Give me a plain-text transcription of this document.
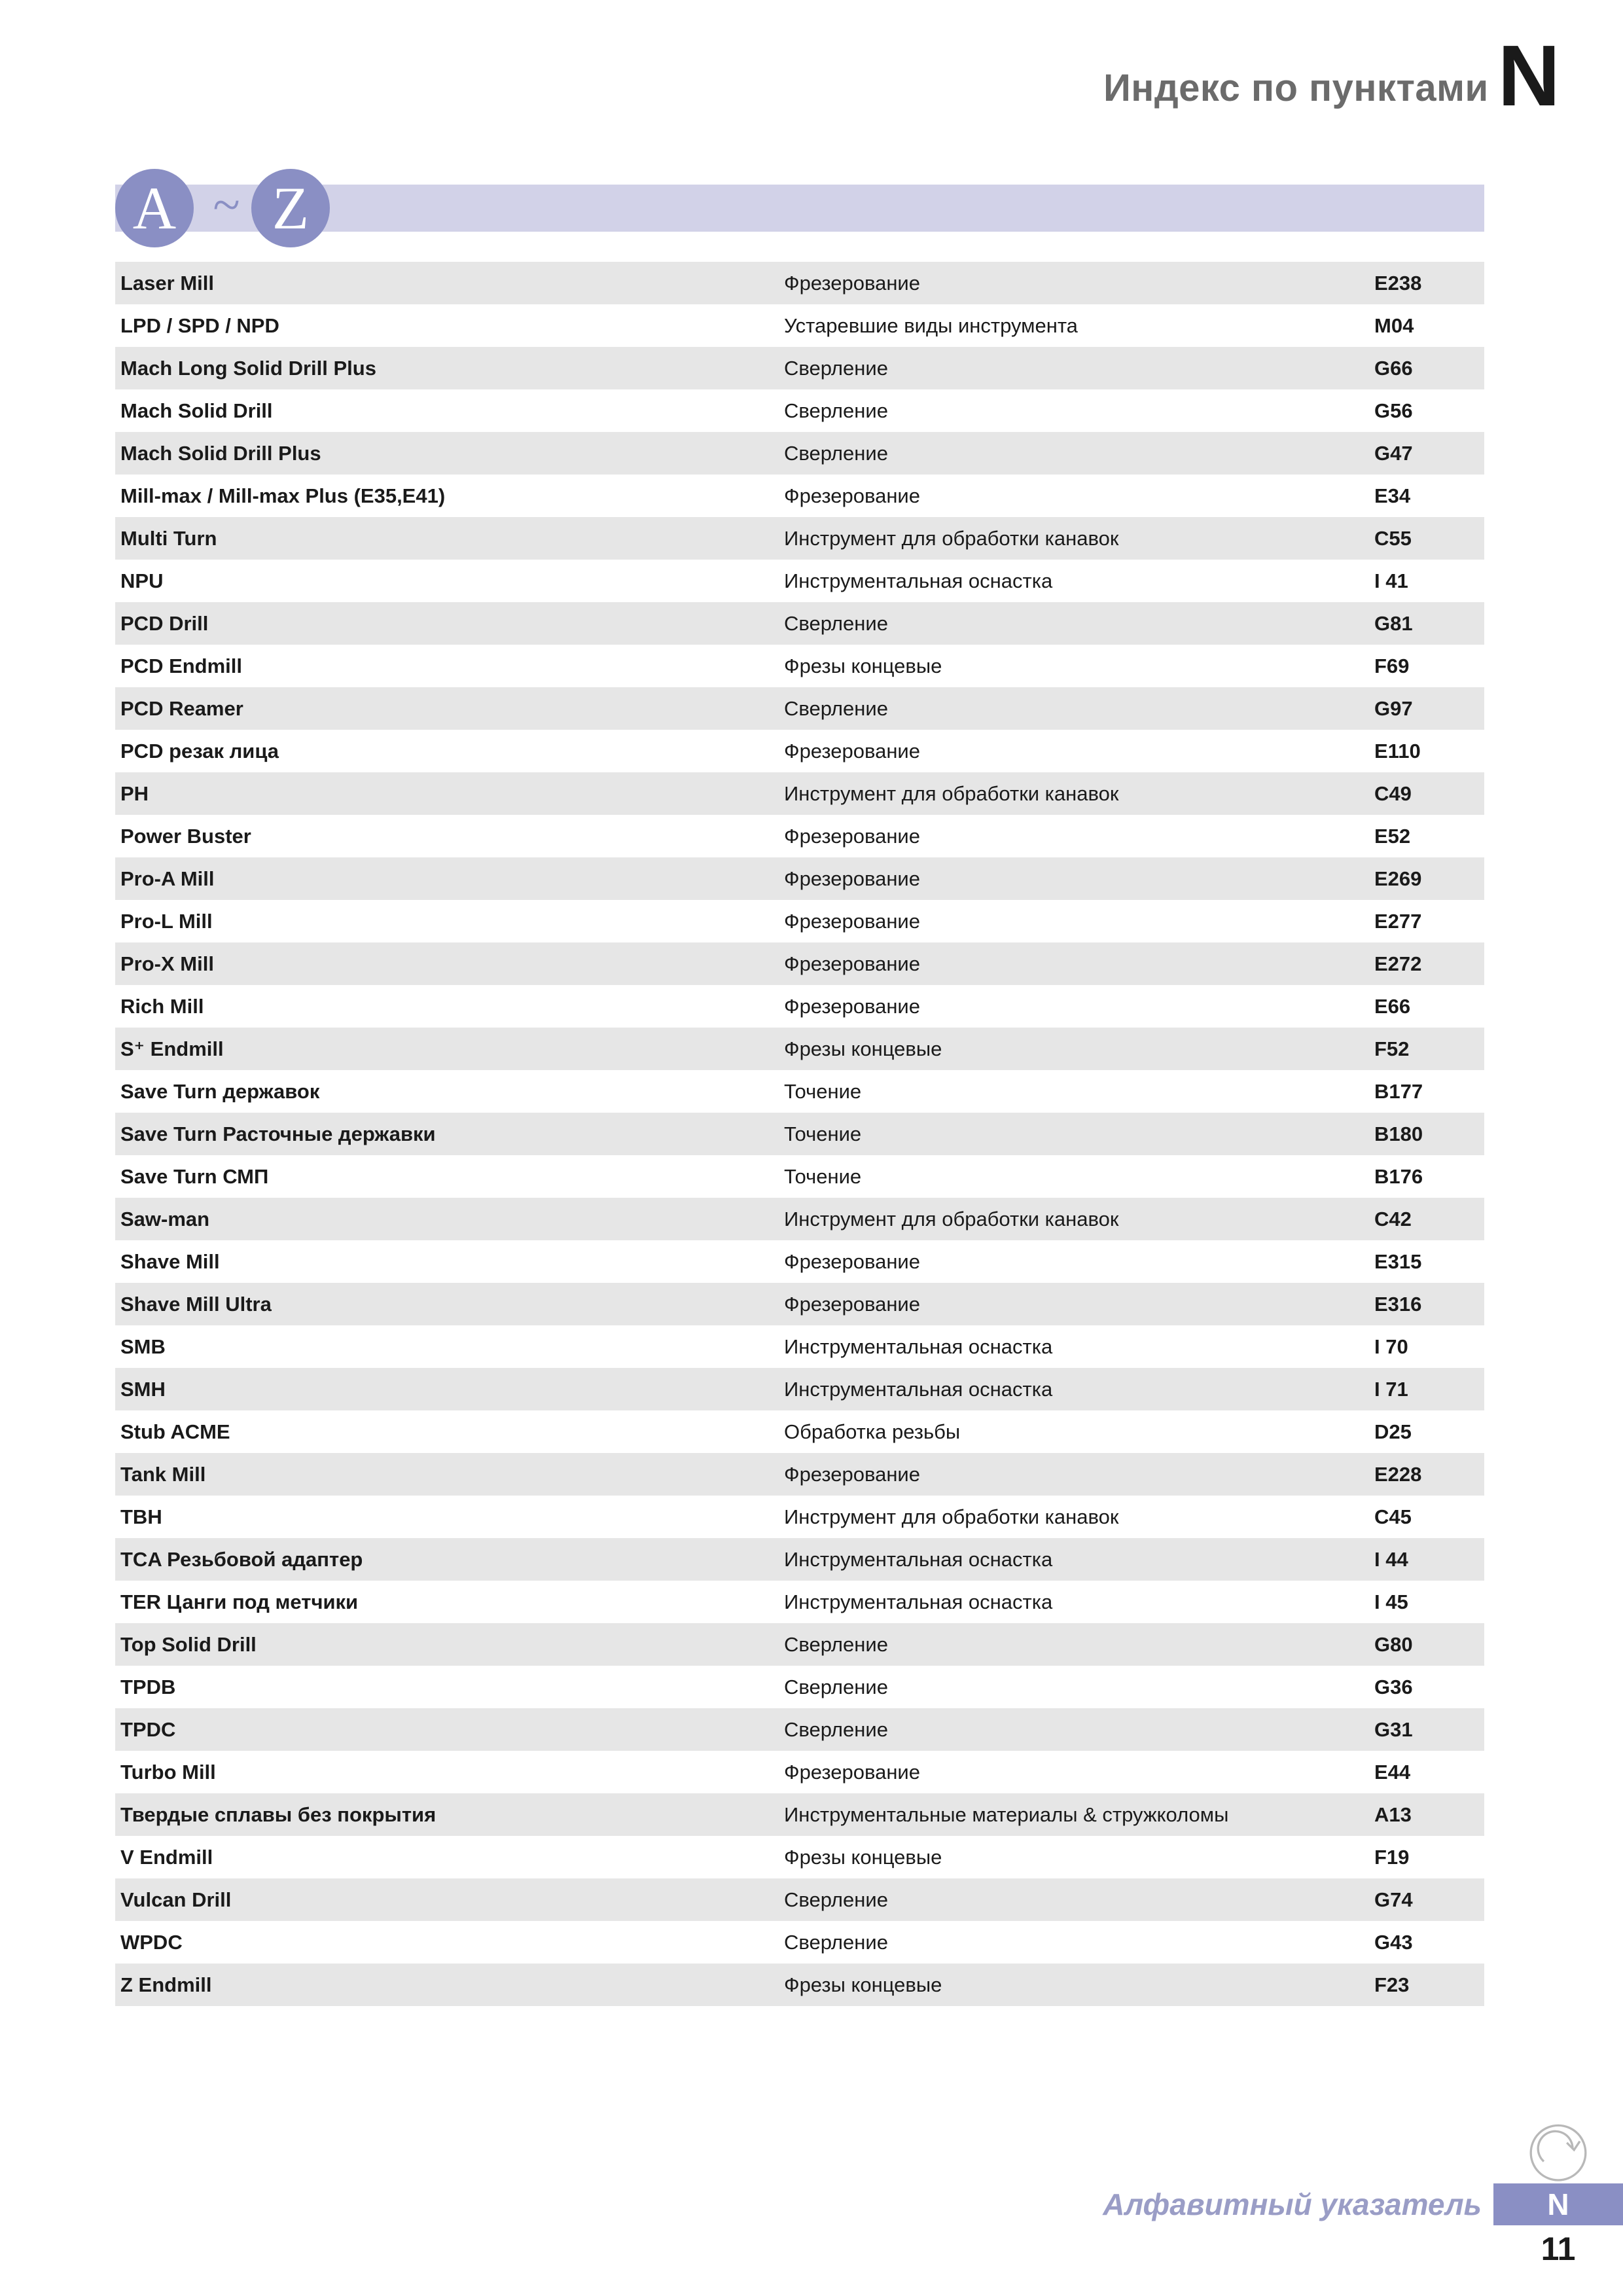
Индекс по пунктами N
A ~ Z
Laser Mill	Фрезерование	E238
LPD / SPD / NPD	Устаревшие виды инструмента	M04
Mach Long Solid Drill Plus	Сверление	G66
Mach Solid Drill	Сверление	G56
Mach Solid Drill Plus	Сверление	G47
Mill-max / Mill-max Plus (E35,E41)	Фрезерование	E34
Multi Turn	Инструмент для обработки канавок	C55
NPU	Инструментальная оснастка	I 41
PCD Drill	Сверление	G81
PCD Endmill	Фрезы концевые	F69
PCD Reamer	Сверление	G97
PCD резак лица	Фрезерование	E110
PH	Инструмент для обработки канавок	C49
Power Buster	Фрезерование	E52
Pro-A Mill	Фрезерование	E269
Pro-L Mill	Фрезерование	E277
Pro-X Mill	Фрезерование	E272
Rich Mill	Фрезерование	E66
S⁺ Endmill	Фрезы концевые	F52
Save Turn державок	Точение	B177
Save Turn Расточные державки	Точение	B180
Save Turn СМП	Точение	B176
Saw-man	Инструмент для обработки канавок	C42
Shave Mill	Фрезерование	E315
Shave Mill Ultra	Фрезерование	E316
SMB	Инструментальная оснастка	I 70
SMH	Инструментальная оснастка	I 71
Stub ACME	Обработка резьбы	D25
Tank Mill	Фрезерование	E228
TBH	Инструмент для обработки канавок	C45
TCA Резьбовой адаптер	Инструментальная оснастка	I 44
TER Цанги под метчики	Инструментальная оснастка	I 45
Top Solid Drill	Сверление	G80
TPDB	Сверление	G36
TPDC	Сверление	G31
Turbo Mill	Фрезерование	E44
Твердые сплавы без покрытия	Инструментальные материалы & стружколомы	A13
V Endmill	Фрезы концевые	F19
Vulcan Drill	Сверление	G74
WPDC	Сверление	G43
Z Endmill	Фрезы концевые	F23
Алфавитный указатель	N
11
